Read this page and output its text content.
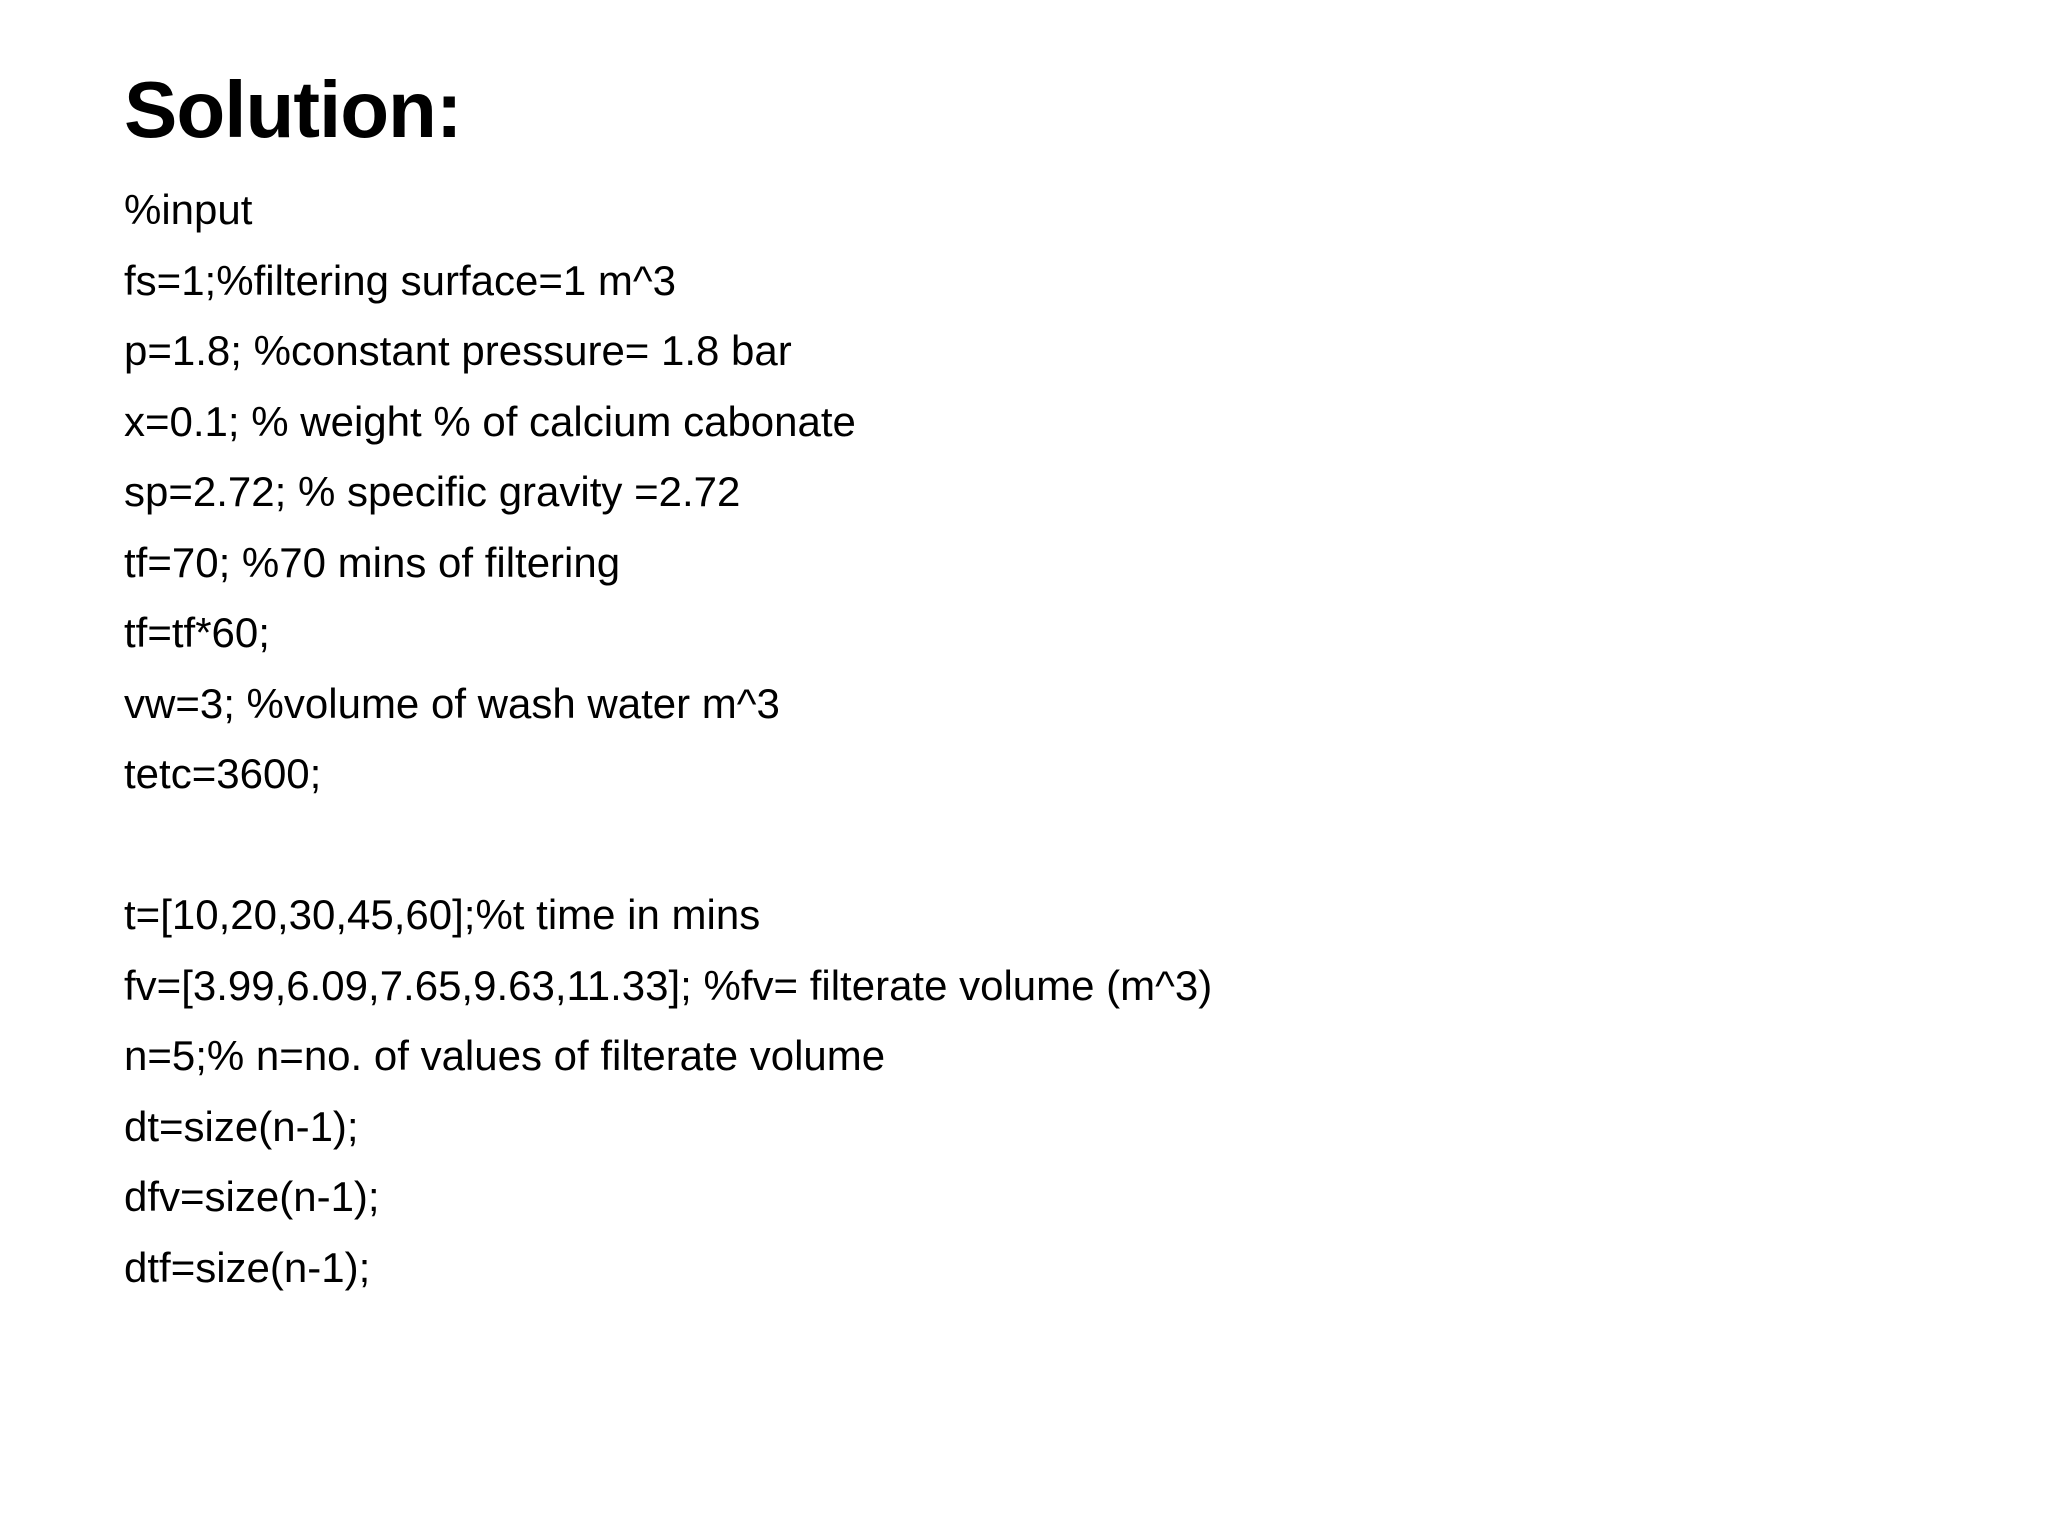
Solution:
%input
fs=1;%filtering surface=1 m^3
p=1.8; %constant pressure= 1.8 bar
x=0.1; % weight % of calcium cabonate
sp=2.72; % specific gravity =2.72
tf=70; %70 mins of filtering
tf=tf*60;
vw=3; %volume of wash water m^3
tetc=3600;
t=[10,20,30,45,60];%t time in mins
fv=[3.99,6.09,7.65,9.63,11.33]; %fv= filterate volume (m^3)
n=5;% n=no. of values of filterate volume
dt=size(n-1);
dfv=size(n-1);
dtf=size(n-1);
